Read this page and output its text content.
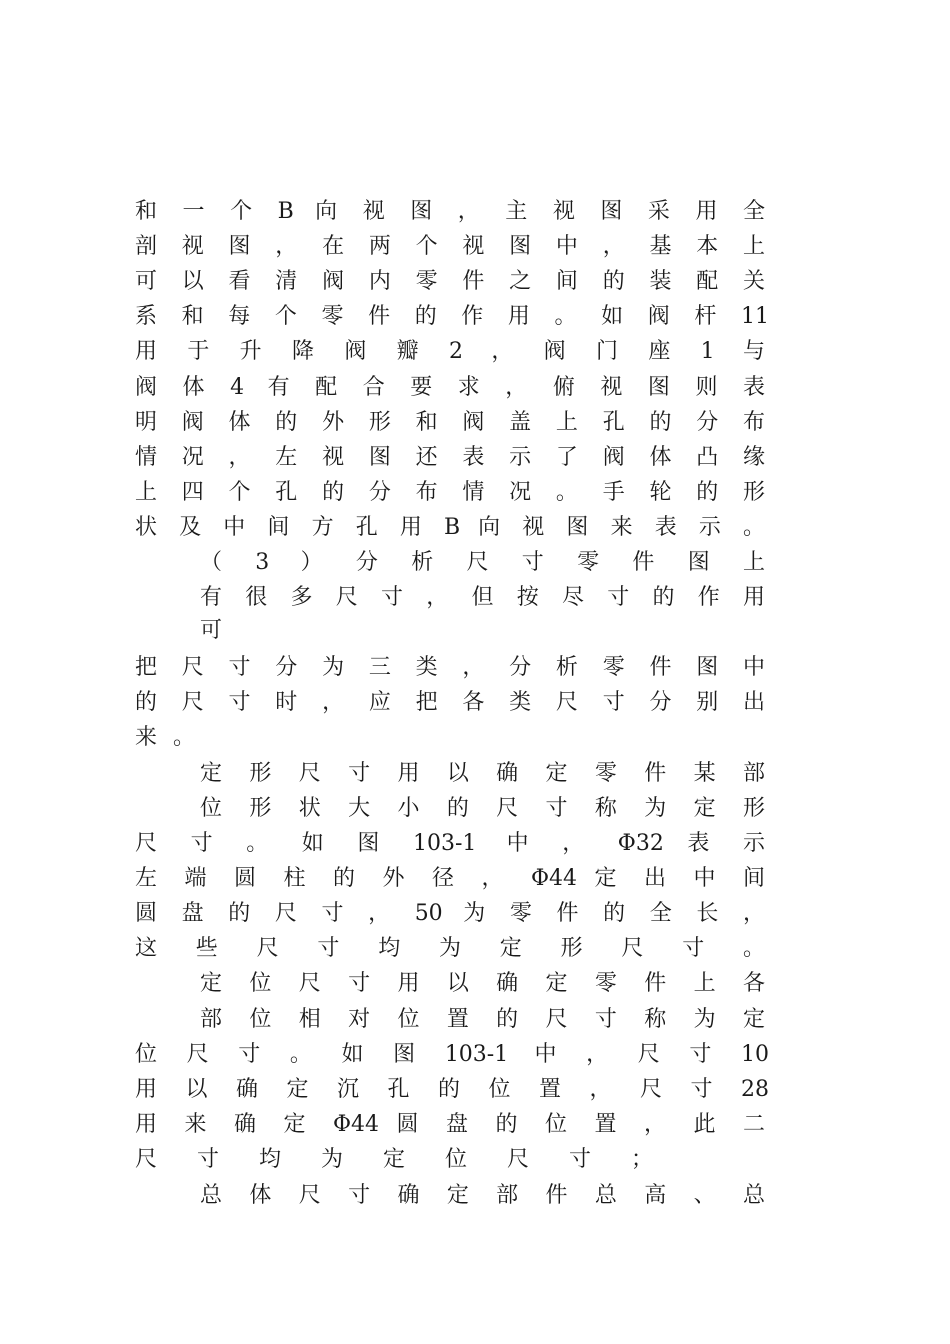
和 一 个 B 向 视 图 ， 主 视 图 采 用 全
剖 视 图 ， 在 两 个 视 图 中 ， 基 本 上
可 以 看 清 阀 内 零 件 之 间 的 装 配 关
系 和 每 个 零 件 的 作 用 。 如 阀 杆 11
用 于 升 降 阀 瓣 2 ， 阀 门 座 1 与
阀 体 4 有 配 合 要 求 ， 俯 视 图 则 表
明 阀 体 的 外 形 和 阀 盖 上 孔 的 分 布
情 况 ， 左 视 图 还 表 示 了 阀 体 凸 缘
上 四 个 孔 的 分 布 情 况 。 手 轮 的 形
状 及 中 间 方 孔 用 B 向 视 图 来 表 示 。
（ 3 ） 分 析 尺 寸 零 件 图 上
有 很 多 尺 寸 ， 但 按 尽 寸 的 作 用
可
把 尺 寸 分 为 三 类 ， 分 析 零 件 图 中
的 尺 寸 时 ， 应 把 各 类 尺 寸 分 别 出
来 。
定 形 尺 寸 用 以 确 定 零 件 某 部
位 形 状 大 小 的 尺 寸 称 为 定 形
尺 寸 。 如 图 103-1 中 ， Φ32 表 示
左 端 圆 柱 的 外 径 ， Φ44 定 出 中 间
圆 盘 的 尺 寸 ， 50 为 零 件 的 全 长 ，
这 些 尺 寸 均 为 定 形 尺 寸 。
定 位 尺 寸 用 以 确 定 零 件 上 各
部 位 相 对 位 置 的 尺 寸 称 为 定
位 尺 寸 。 如 图 103-1 中 ， 尺 寸 10
用 以 确 定 沉 孔 的 位 置 ， 尺 寸 28
用 来 确 定 Φ44 圆 盘 的 位 置 ， 此 二
尺 寸 均 为 定 位 尺 寸 ；
总 体 尺 寸 确 定 部 件 总 高 、 总
